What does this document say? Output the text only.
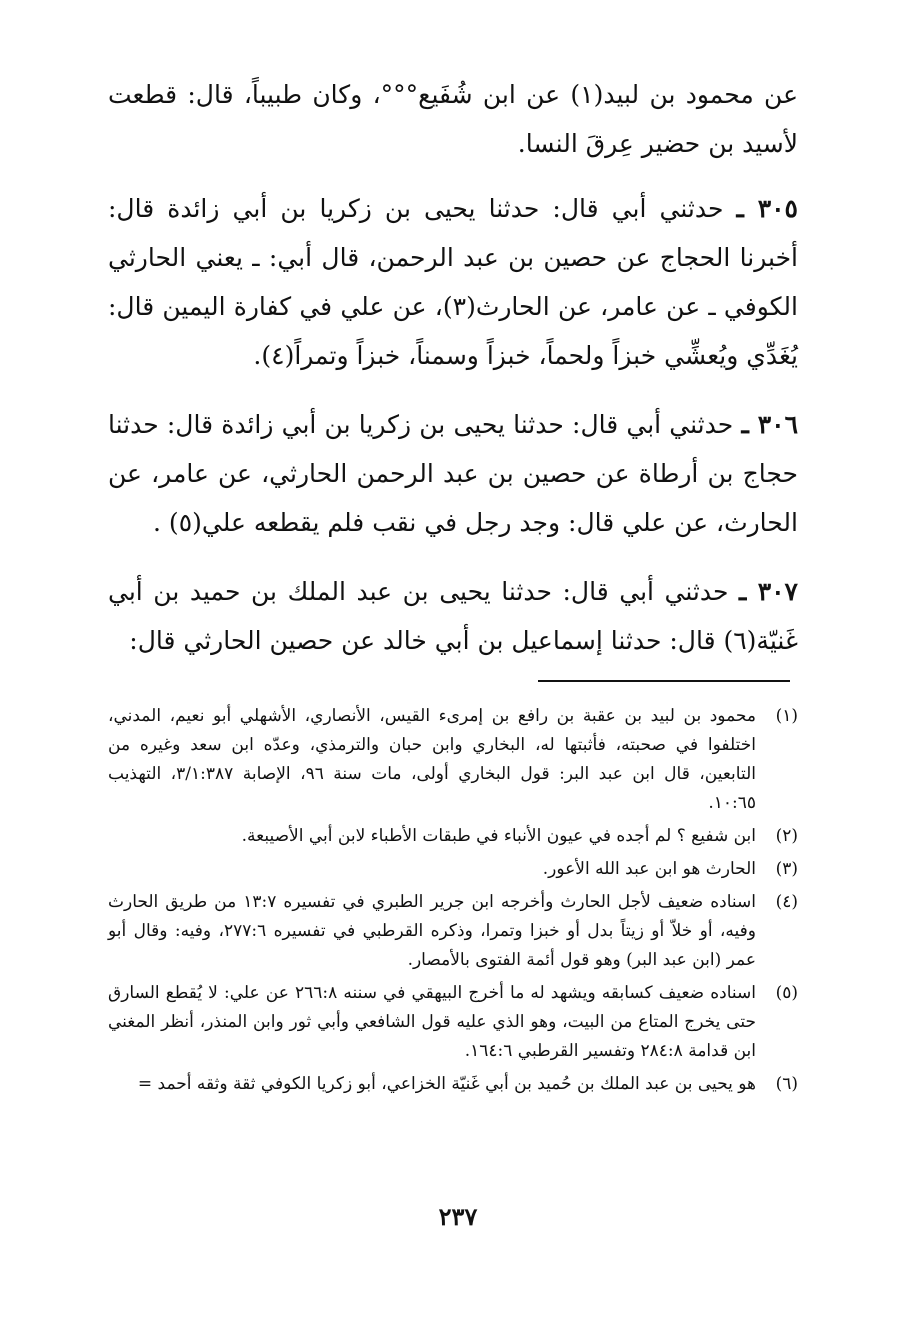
عن محمود بن لبيد(١) عن ابن شُفَيع°°°، وكان طبيباً، قال: قطعت لأسيد بن حضير عِرقَ النسا.

٣٠٥ ـ حدثني أبي قال: حدثنا يحيى بن زكريا بن أبي زائدة قال: أخبرنا الحجاج عن حصين بن عبد الرحمن، قال أبي: ـ يعني الحارثي الكوفي ـ عن عامر، عن الحارث(٣)، عن علي في كفارة اليمين قال: يُغَدِّي ويُعشِّي خبزاً ولحماً، خبزاً وسمناً، خبزاً وتمراً(٤).

٣٠٦ ـ حدثني أبي قال: حدثنا يحيى بن زكريا بن أبي زائدة قال: حدثنا حجاج بن أرطاة عن حصين بن عبد الرحمن الحارثي، عن عامر، عن الحارث، عن علي قال: وجد رجل في نقب فلم يقطعه علي(٥) .

٣٠٧ ـ حدثني أبي قال: حدثنا يحيى بن عبد الملك بن حميد بن أبي غَنيّة(٦) قال: حدثنا إسماعيل بن أبي خالد عن حصين الحارثي قال:

(١)
محمود بن لبيد بن عقبة بن رافع بن إمرىء القيس، الأنصاري، الأشهلي أبو نعيم، المدني، اختلفوا في صحبته، فأثبتها له، البخاري وابن حبان والترمذي، وعدّه ابن سعد وغيره من التابعين، قال ابن عبد البر: قول البخاري أولى، مات سنة ٩٦، الإصابة ٣/١:٣٨٧، التهذيب ١٠:٦٥.
(٢)
ابن شفيع ؟ لم أجده في عيون الأنباء في طبقات الأطباء لابن أبي الأصيبعة.
(٣)
الحارث هو ابن عبد الله الأعور.
(٤)
اسناده ضعيف لأجل الحارث وأخرجه ابن جرير الطبري في تفسيره ١٣:٧ من طريق الحارث وفيه، أو خلاّ أو زيتاً بدل أو خبزا وتمرا، وذكره القرطبي في تفسيره ٢٧٧:٦، وفيه: وقال أبو عمر (ابن عبد البر) وهو قول أئمة الفتوى بالأمصار.
(٥)
اسناده ضعيف كسابقه ويشهد له ما أخرج البيهقي في سننه ٢٦٦:٨ عن علي: لا يُقطع السارق حتى يخرج المتاع من البيت، وهو الذي عليه قول الشافعي وأبي ثور وابن المنذر، أنظر المغني ابن قدامة ٢٨٤:٨ وتفسير القرطبي ١٦٤:٦.
(٦)
هو يحيى بن عبد الملك بن حُميد بن أبي غَنيّة الخزاعي، أبو زكريا الكوفي ثقة وثقه أحمد =
٢٣٧
